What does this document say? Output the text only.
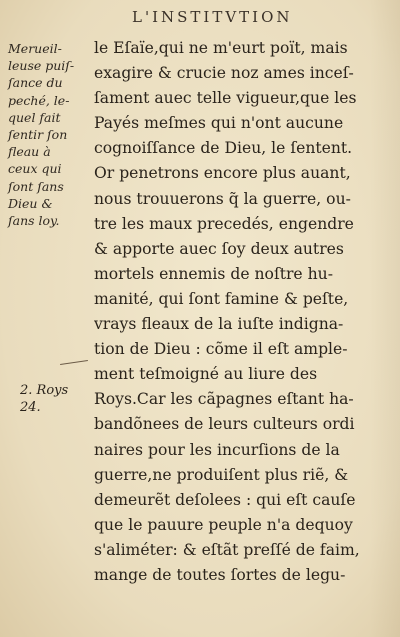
L'INSTITVTION
Merueil-
leuse puiſ-
ſance du
peché, le-
quel fait
ſentir ſon
fleau à
ceux qui
ſont ſans
Dieu &
ſans loy.
2. Roys
24.
le Eſaïe,qui ne m'eurt poït, mais
exagire & crucie noz ames inceſ-
ſament auec telle vigueur,que les
Payés meſmes qui n'ont aucune
cognoiſſance de Dieu, le ſentent.
Or penetrons encore plus auant,
nous trouuerons q̃ la guerre, ou-
tre les maux precedés, engendre
& apporte auec ſoy deux autres
mortels ennemis de noſtre hu-
manité, qui ſont famine & peſte,
vrays fleaux de la iuſte indigna-
tion de Dieu : cõme il eſt ample-
ment teſmoigné au liure des
Roys.Car les cãpagnes eſtant ha-
bandõnees de leurs culteurs ordi
naires pour les incurſions de la
guerre,ne produiſent plus riẽ, &
demeurẽt deſolees : qui eſt cauſe
que le pauure peuple n'a dequoy
s'aliméter: & eſtãt preſſé de faim,
mange de toutes ſortes de legu-
